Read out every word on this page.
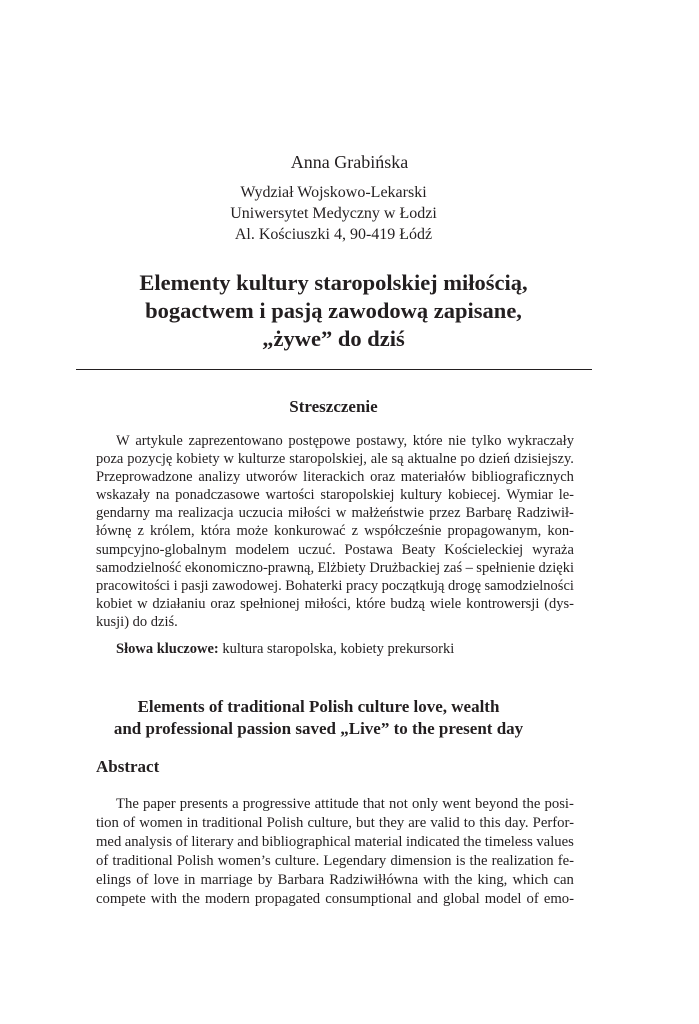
Anna Grabińska
Wydział Wojskowo-Lekarski
Uniwersytet Medyczny w Łodzi
Al. Kościuszki 4, 90-419 Łódź
Elementy kultury staropolskiej miłością,
bogactwem i pasją zawodową zapisane,
„żywe” do dziś
Streszczenie
W artykule zaprezentowano postępowe postawy, które nie tylko wykraczały
poza pozycję kobiety w kulturze staropolskiej, ale są aktualne po dzień dzisiejszy.
Przeprowadzone analizy utworów literackich oraz materiałów bibliograficznych
wskazały na ponadczasowe wartości staropolskiej kultury kobiecej. Wymiar le-
gendarny ma realizacja uczucia miłości w małżeństwie przez Barbarę Radziwił-
łównę z królem, która może konkurować z współcześnie propagowanym, kon-
sumpcyjno-globalnym modelem uczuć. Postawa Beaty Kościeleckiej wyraża
samodzielność ekonomiczno-prawną, Elżbiety Drużbackiej zaś – spełnienie dzięki
pracowitości i pasji zawodowej. Bohaterki pracy początkują drogę samodzielności
kobiet w działaniu oraz spełnionej miłości, które budzą wiele kontrowersji (dys-
kusji) do dziś.
Słowa kluczowe: kultura staropolska, kobiety prekursorki
Elements of traditional Polish culture love, wealth
and professional passion saved „Live” to the present day
Abstract
The paper presents a progressive attitude that not only went beyond the posi-
tion of women in traditional Polish culture, but they are valid to this day. Perfor-
med analysis of literary and bibliographical material indicated the timeless values
of traditional Polish women’s culture. Legendary dimension is the realization fe-
elings of love in marriage by Barbara Radziwiłłówna with the king, which can
compete with the modern propagated consumptional and global model of emo-
